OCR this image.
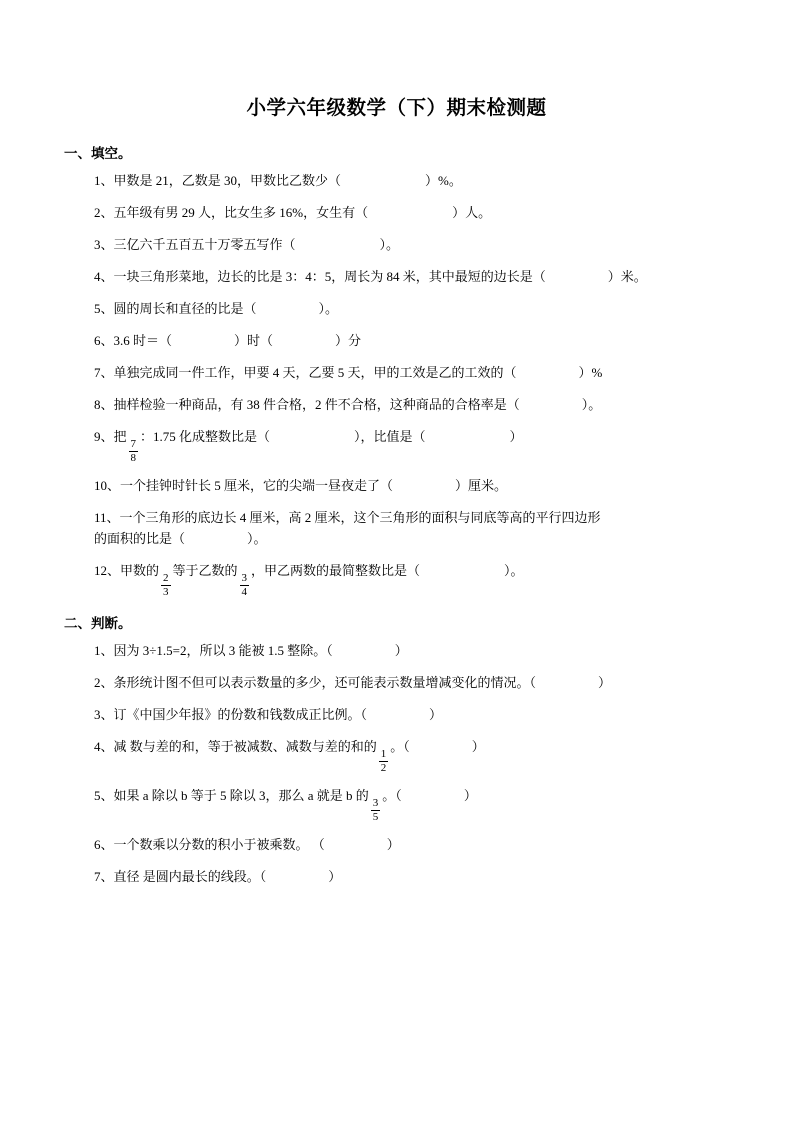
小学六年级数学（下）期末检测题
一、填空。
1、甲数是 21，乙数是 30，甲数比乙数少（	）%。
2、五年级有男 29 人，比女生多 16%，女生有（	）人。
3、三亿六千五百五十万零五写作（	）。
4、一块三角形菜地，边长的比是 3：4：5，周长为 84 米，其中最短的边长是（	）米。
5、圆的周长和直径的比是（	）。
6、3.6 时＝（	）时（	）分
7、单独完成同一件工作，甲要 4 天，乙要 5 天，甲的工效是乙的工效的（	）%
8、抽样检验一种商品，有 38 件合格，2 件不合格，这种商品的合格率是（	）。
9、把
$\frac{7}{8}$
：1.75 化成整数比是（	），比值是（	）
10、一个挂钟时针长 5 厘米，它的尖端一昼夜走了（	）厘米。
11、一个三角形的底边长 4 厘米，高 2 厘米，这个三角形的面积与同底等高的平行四边形
的面积的比是（	）。
12、甲数的
$\frac{2}{3}$
等于乙数的
$\frac{3}{4}$
，甲乙两数的最简整数比是（	）。
二、判断。
1、因为 3÷1.5=2，所以 3 能被 1.5 整除。（	）
2、条形统计图不但可以表示数量的多少，还可能表示数量增减变化的情况。（	）
3、订《中国少年报》的份数和钱数成正比例。（	）
4、减 数与差的和，等于被减数、减数与差的和的
$\frac{1}{2}$
。（	）
5、如果 a 除以 b 等于 5 除以 3，那么 a 就是 b 的
$\frac{3}{5}$
。（	）
6、一个数乘以分数的积小于被乘数。 （	）
7、直径 是圆内最长的线段。（	）
